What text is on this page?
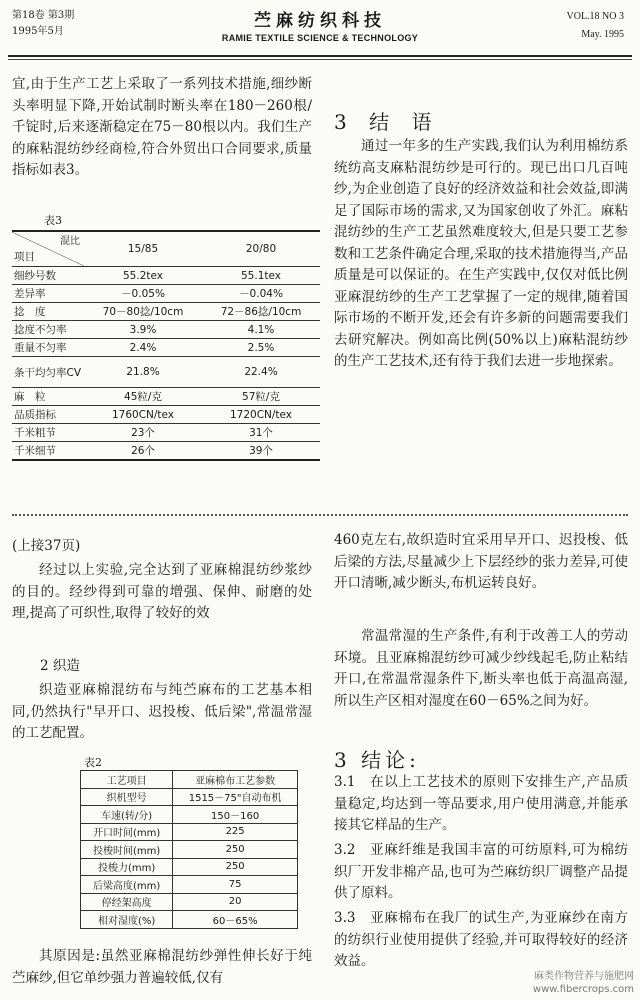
第18卷 第3期
1995年5月
苎麻纺织科技
RAMIE TEXTILE SCIENCE & TECHNOLOGY
VOL.18 NO 3
May. 1995

宜,由于生产工艺上采取了一系列技术措施,细纱断头率明显下降,开始试制时断头率在180－260根/千锭时,后来逐渐稳定在75－80根以内。我们生产的麻粘混纺纱经商检,符合外贸出口合同要求,质量指标如表3。

表3
混比
项目	15/85	20/80
细纱号数	55.2tex	55.1tex
差异率	－0.05%	－0.04%
捻　度	70－80捻/10cm	72－86捻/10cm
捻度不匀率	3.9%	4.1%
重量不匀率	2.4%	2.5%
条干均匀率CV	21.8%	22.4%
麻　粒	45粒/克	57粒/克
品质指标	1760CN/tex	1720CN/tex
千米粗节	23个	31个
千米细节	26个	39个
3 结 语

通过一年多的生产实践,我们认为利用棉纺系统纺高支麻粘混纺纱是可行的。现已出口几百吨纱,为企业创造了良好的经济效益和社会效益,即满足了国际市场的需求,又为国家创收了外汇。麻粘混纺纱的生产工艺虽然难度较大,但是只要工艺参数和工艺条件确定合理,采取的技术措施得当,产品质量是可以保证的。在生产实践中,仅仅对低比例亚麻混纺纱的生产工艺掌握了一定的规律,随着国际市场的不断开发,还会有许多新的问题需要我们去研究解决。例如高比例(50%以上)麻粘混纺纱的生产工艺技术,还有待于我们去进一步地探索。

(上接37页)

经过以上实验,完全达到了亚麻棉混纺纱浆纱的目的。经纱得到可靠的增强、保伸、耐磨的处理,提高了可织性,取得了较好的效

2 织造

织造亚麻棉混纺布与纯苎麻布的工艺基本相同,仍然执行"早开口、迟投梭、低后梁",常温常湿的工艺配置。

表2
工艺项目	亚麻棉布工艺参数
织机型号	1515－75"自动布机
车速(转/分)	150－160
开口时间(mm)	225
投梭时间(mm)	250
投梭力(mm)	250
后梁高度(mm)	75
停经架高度	20
相对湿度(%)	60－65%

其原因是:虽然亚麻棉混纺纱弹性伸长好于纯苎麻纱,但它单纱强力普遍较低,仅有

460克左右,故织造时宜采用早开口、迟投梭、低后梁的方法,尽量减少上下层经纱的张力差异,可使开口清晰,减少断头,布机运转良好。

常温常湿的生产条件,有利于改善工人的劳动环境。且亚麻棉混纺纱可减少纱线起毛,防止粘结开口,在常温常湿条件下,断头率也低于高温高湿,所以生产区相对湿度在60－65%之间为好。

3 结论:

3.1　在以上工艺技术的原则下安排生产,产品质量稳定,均达到一等品要求,用户使用满意,并能承接其它样品的生产。

3.2　亚麻纤维是我国丰富的可纺原料,可为棉纺织厂开发非棉产品,也可为苎麻纺织厂调整产品提供了原料。

3.3　亚麻棉布在我厂的试生产,为亚麻纱在南方的纺织行业使用提供了经验,并可取得较好的经济效益。

麻类作物营养与施肥网
www.fibercrops.com
